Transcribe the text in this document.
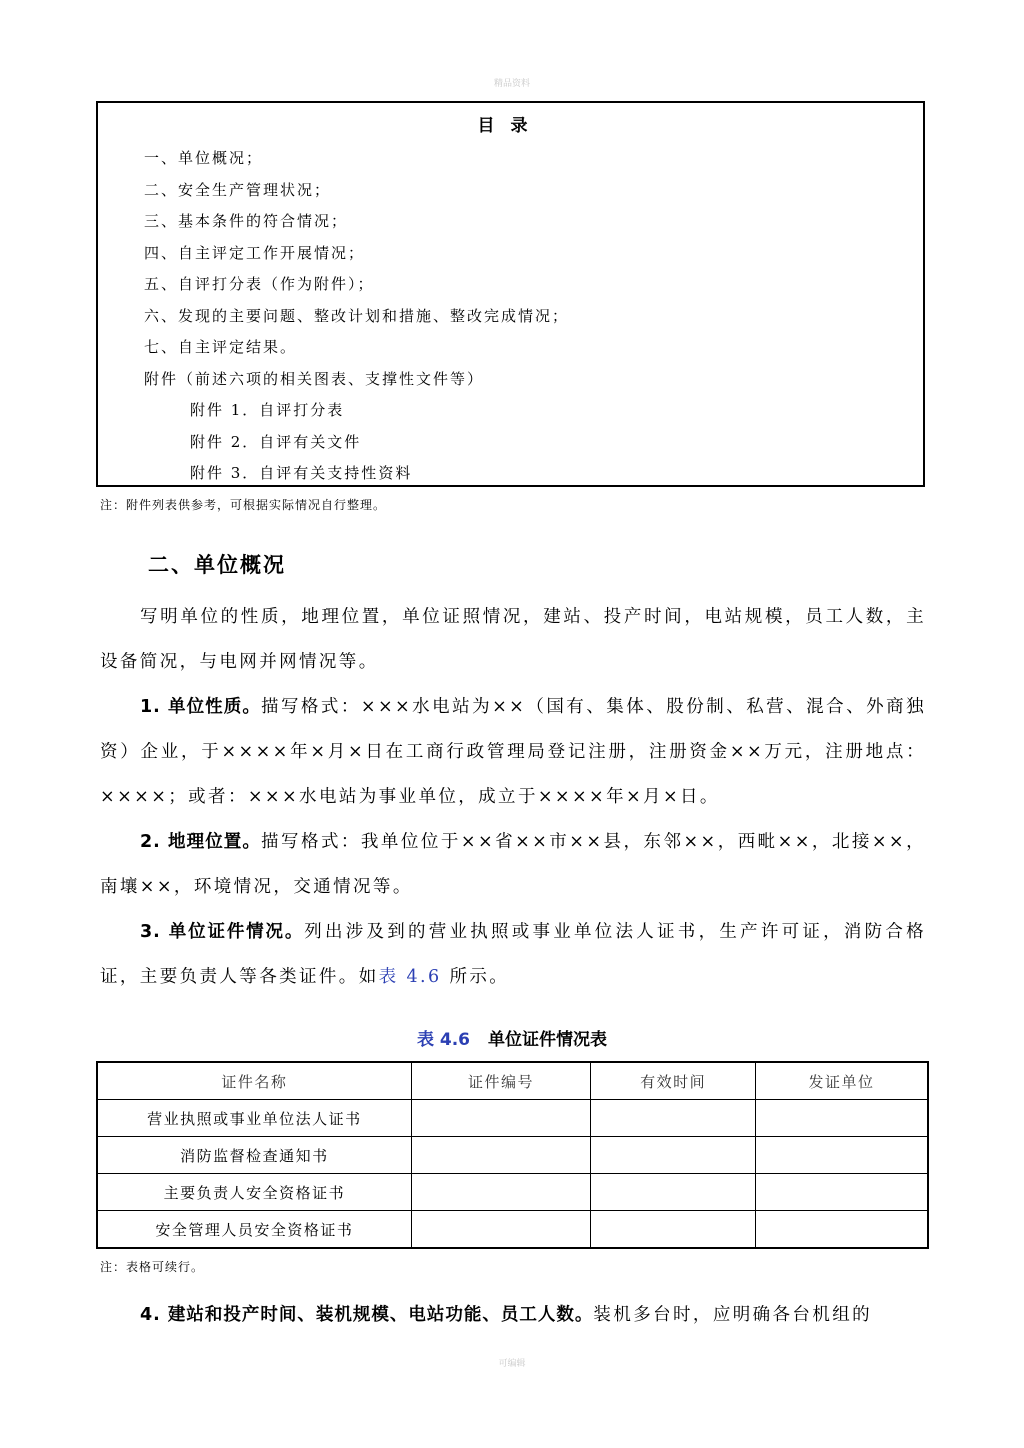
精品资料
目录
一、单位概况；
二、安全生产管理状况；
三、基本条件的符合情况；
四、自主评定工作开展情况；
五、自评打分表（作为附件）；
六、发现的主要问题、整改计划和措施、整改完成情况；
七、自主评定结果。
附件（前述六项的相关图表、支撑性文件等）
附件 1．自评打分表
附件 2．自评有关文件
附件 3．自评有关支持性资料
注：附件列表供参考，可根据实际情况自行整理。
二、单位概况
写明单位的性质，地理位置，单位证照情况，建站、投产时间，电站规模，员工人数，主设备简况，与电网并网情况等。
1. 单位性质。描写格式：×××水电站为××（国有、集体、股份制、私营、混合、外商独资）企业，于××××年×月×日在工商行政管理局登记注册，注册资金××万元，注册地点：××××；或者：×××水电站为事业单位，成立于××××年×月×日。
2. 地理位置。描写格式：我单位位于××省××市××县，东邻××，西毗××，北接××，南壤××，环境情况，交通情况等。
3. 单位证件情况。列出涉及到的营业执照或事业单位法人证书，生产许可证，消防合格证，主要负责人等各类证件。如表 4.6 所示。
表 4.6 单位证件情况表
证件名称	证件编号	有效时间	发证单位
营业执照或事业单位法人证书			
消防监督检查通知书			
主要负责人安全资格证书			
安全管理人员安全资格证书			
注：表格可续行。
4. 建站和投产时间、装机规模、电站功能、员工人数。装机多台时，应明确各台机组的
可编辑
